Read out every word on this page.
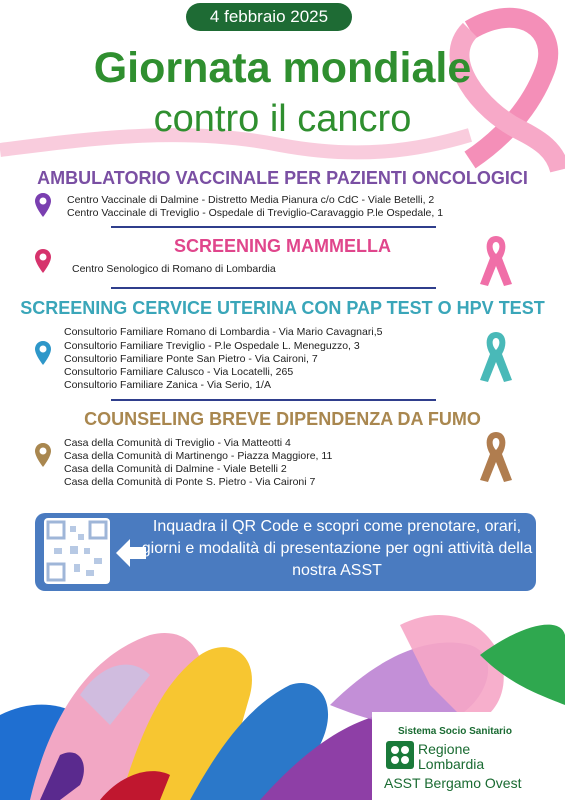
4 febbraio 2025
Giornata mondiale
contro il cancro
AMBULATORIO VACCINALE PER PAZIENTI ONCOLOGICI
Centro Vaccinale di Dalmine - Distretto Media Pianura c/o CdC - Viale Betelli, 2
Centro Vaccinale di Treviglio - Ospedale di Treviglio-Caravaggio P.le Ospedale, 1
SCREENING MAMMELLA
Centro Senologico di Romano di Lombardia
SCREENING CERVICE UTERINA CON PAP TEST O HPV TEST
Consultorio Familiare Romano di Lombardia - Via Mario Cavagnari,5
Consultorio Familiare Treviglio - P.le Ospedale L. Meneguzzo, 3
Consultorio Familiare Ponte San Pietro - Via Caironi, 7
Consultorio Familiare Calusco - Via Locatelli, 265
Consultorio Familiare Zanica - Via Serio, 1/A
COUNSELING BREVE DIPENDENZA DA FUMO
Casa della Comunità di Treviglio - Via Matteotti 4
Casa della Comunità di Martinengo - Piazza Maggiore, 11
Casa della Comunità di Dalmine - Viale Betelli 2
Casa della Comunità di Ponte S. Pietro - Via Caironi 7
Inquadra il QR Code e scopri come prenotare, orari, giorni e modalità di presentazione per ogni attività della nostra ASST
Sistema Socio Sanitario
Regione
Lombardia
ASST Bergamo Ovest
